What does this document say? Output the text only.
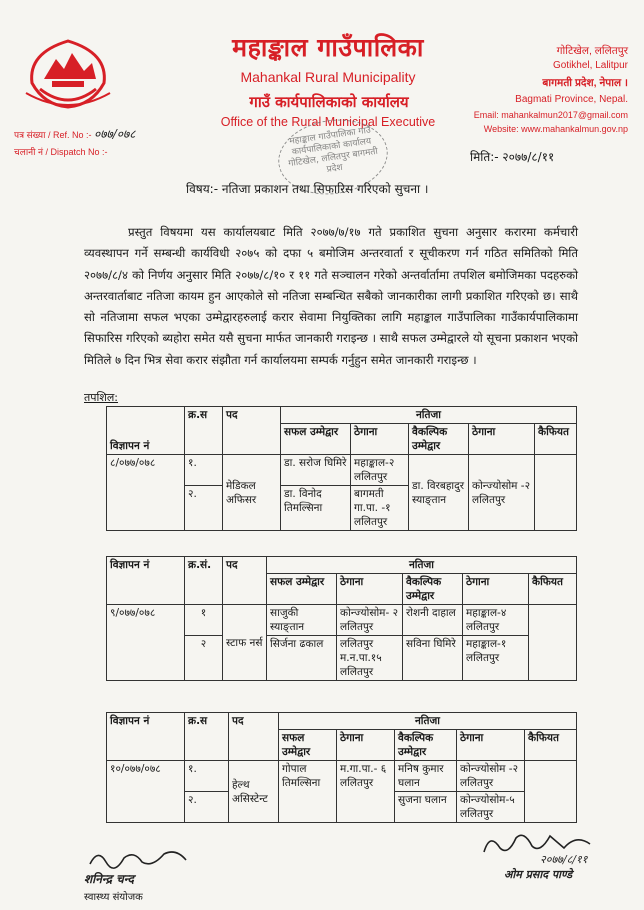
पत्र संख्या / Ref. No :- ०७७/०७८
चलानी नं / Dispatch No :-
महाङ्काल गाउँपालिका
Mahankal Rural Municipality
गाउँ कार्यपालिकाको कार्यालय
Office of the Rural Municipal Executive
गोटिखेल, ललितपुर
Gotikhel, Lalitpur
बागमती प्रदेश, नेपाल ।
Bagmati Province, Nepal.
Email: mahankalmun2017@gmail.com
Website: www.mahankalmun.gov.np
महाङ्काल गाउँपालिका गाउँ कार्यपालिकाको कार्यालय गोटिखेल, ललितपुर बागमती प्रदेश
मिति:- २०७७/८/११
विषय:- नतिजा प्रकाशन तथा सिफारिस गरिएको सुचना ।

प्रस्तुत विषयमा यस कार्यालयबाट मिति २०७७/७/१७ गते प्रकाशित सुचना अनुसार करारमा कर्मचारी व्यवस्थापन गर्ने सम्बन्धी कार्यविधी २०७५ को दफा ५ बमोजिम अन्तरवार्ता र सूचीकरण गर्न गठित समितिको मिति २०७७/८/४ को निर्णय अनुसार मिति २०७७/८/१० र ११ गते सञ्चालन गरेको अन्तर्वार्तामा तपशिल बमोजिमका पदहरुको अन्तरवार्ताबाट नतिजा कायम हुन आएकोले सो नतिजा सम्बन्धित सबैको जानकारीका लागी प्रकाशित गरिएको छ। साथै सो नतिजामा सफल भएका उम्मेद्वारहरुलाई करार सेवामा नियुक्तिका लागि महाङ्काल गाउँपालिका गाउँकार्यपालिकामा सिफारिस गरिएको ब्यहोरा समेत यसै सुचना मार्फत जानकारी गराइन्छ । साथै सफल उम्मेद्वारले यो सूचना प्रकाशन भएको मितिले ७ दिन भित्र सेवा करार संझौता गर्न कार्यालयमा सम्पर्क गर्नुहुन समेत जानकारी गराइन्छ ।

तपशिल:
विज्ञापन नं	क्र.स	पद	नतिजा				
			सफल उम्मेद्वार	ठेगाना	वैकल्पिक उम्मेद्वार	ठेगाना	कैफियत
८/०७७/०७८	१.	मेडिकल अफिसर	डा. सरोज घिमिरे	महाङ्काल-२ ललितपुर	डा. विरबहादुर स्याङ्तान	कोन्ज्योसोम -२ ललितपुर	
	२.		डा. विनोद तिमल्सिना	बागमती गा.पा. -१ ललितपुर			
विज्ञापन नं	क्र.सं.	पद	नतिजा				
			सफल उम्मेद्वार	ठेगाना	वैकल्पिक उम्मेद्वार	ठेगाना	कैफियत
९/०७७/०७८	१	स्टाफ नर्स	साजुकी स्याङ्तान	कोन्ज्योसोम- २ ललितपुर	रोशनी दाहाल	महाङ्काल-४ ललितपुर	
	२		सिर्जना ढकाल	ललितपुर म.न.पा.१५ ललितपुर	सविना घिमिरे	महाङ्काल-१ ललितपुर	
विज्ञापन नं	क्र.स	पद	नतिजा				
			सफल उम्मेद्वार	ठेगाना	वैकल्पिक उम्मेद्वार	ठेगाना	कैफियत
१०/०७७/०७८	१.	हेल्थ असिस्टेन्ट	गोपाल तिमल्सिना	म.गा.पा.- ६ ललितपुर	मनिष कुमार घलान	कोन्ज्योसोम -२ ललितपुर	
	२.				सुजना घलान	कोन्ज्योसोम-५ ललितपुर	
शनिन्द्र चन्द
स्वास्थ्य संयोजक
२०७७/८/११
ओम प्रसाद पाण्डे
